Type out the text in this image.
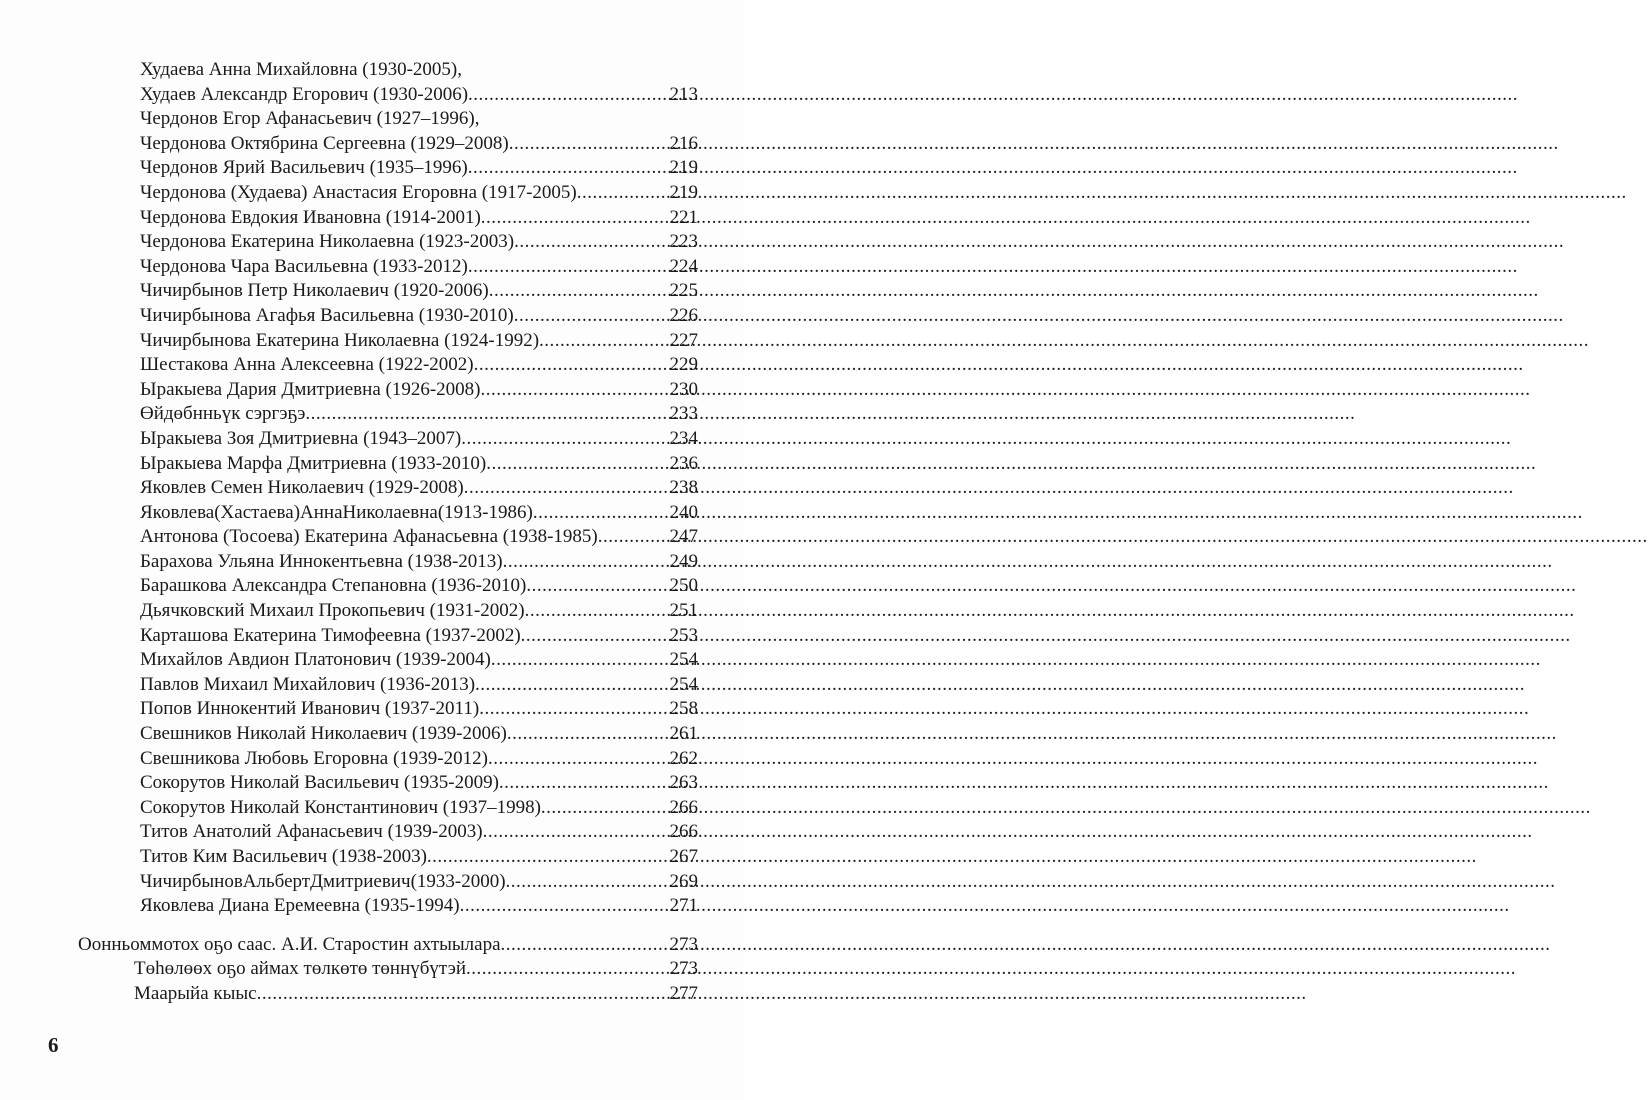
Худаева Анна Михайловна (1930-2005),
Худаев Александр Егорович (1930-2006) .....	213
Чердонов Егор Афанасьевич (1927–1996),
Чердонова Октябрина Сергеевна (1929–2008) .....	216
Чердонов Ярий Васильевич (1935–1996) .....	219
Чердонова (Худаева) Анастасия Егоровна (1917-2005) .....	219
Чердонова Евдокия Ивановна (1914-2001) .....	221
Чердонова Екатерина Николаевна (1923-2003) .....	223
Чердонова Чара Васильевна (1933-2012) .....	224
Чичирбынов Петр Николаевич (1920-2006) .....	225
Чичирбынова Агафья Васильевна (1930-2010) .....	226
Чичирбынова Екатерина Николаевна (1924-1992) .....	227
Шестакова Анна Алексеевна (1922-2002) .....	229
Ыракыева Дария Дмитриевна (1926-2008) .....	230
Өйдөбнньүк сэргэҕэ .....	233
Ыракыева Зоя Дмитриевна (1943–2007) .....	234
Ыракыева Марфа Дмитриевна (1933-2010) .....	236
Яковлев Семен Николаевич (1929-2008) .....	238
Яковлева(Хастаева)АннаНиколаевна(1913-1986) .....	240
Антонова (Тосоева) Екатерина Афанасьевна (1938-1985) .....	247
Барахова Ульяна Иннокентьевна (1938-2013) .....	249
Барашкова Александра Степановна (1936-2010) .....	250
Дьячковский Михаил Прокопьевич (1931-2002) .....	251
Карташова Екатерина Тимофеевна (1937-2002) .....	253
Михайлов Авдион Платонович (1939-2004) .....	254
Павлов Михаил Михайлович (1936-2013) .....	254
Попов Иннокентий Иванович (1937-2011) .....	258
Свешников Николай Николаевич (1939-2006) .....	261
Свешникова Любовь Егоровна (1939-2012) .....	262
Сокорутов Николай Васильевич (1935-2009) .....	263
Сокорутов Николай Константинович (1937–1998) .....	266
Титов Анатолий Афанасьевич (1939-2003) .....	266
Титов Ким Васильевич (1938-2003) .....	267
ЧичирбыновАльбертДмитриевич(1933-2000) .....	269
Яковлева Диана Еремеевна (1935-1994) .....	271
Оонньоммотох оҕо саас. А.И. Старостин ахтыылара .....	273
Төһөлөөх оҕо аймах төлкөтө төннүбүтэй .....	273
Маарыйа кыыс .....	277
6
